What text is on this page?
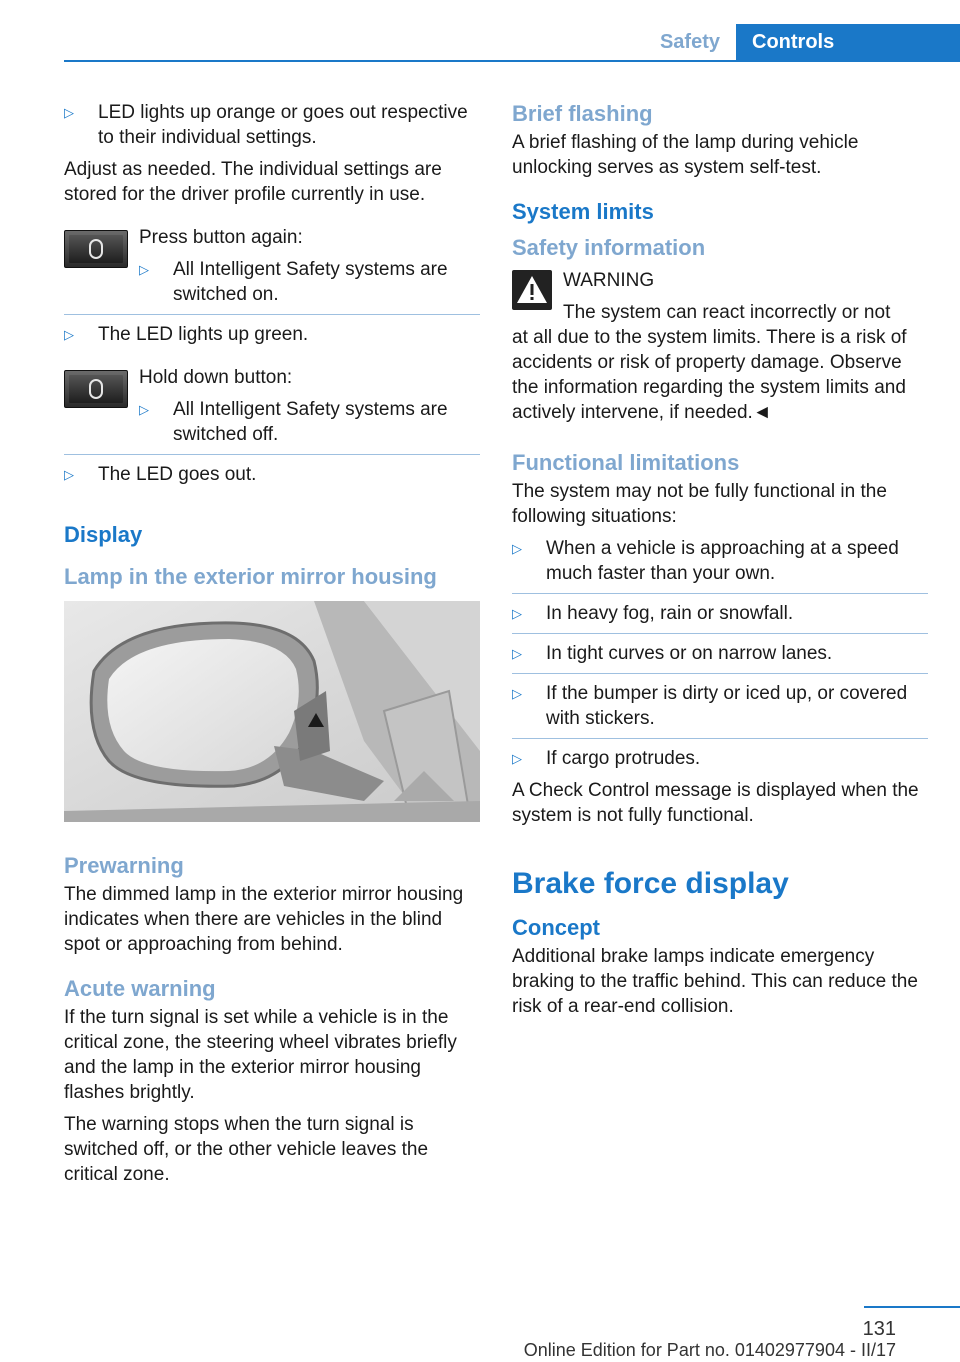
Safety	Controls
▷ LED lights up orange or goes out respective to their individual settings.

Adjust as needed. The individual settings are stored for the driver profile currently in use.

Press button again:

▷ All Intelligent Safety systems are switched on.
▷ The LED lights up green.

Hold down button:

▷ All Intelligent Safety systems are switched off.
▷ The LED goes out.
Display
Lamp in the exterior mirror housing
Prewarning

The dimmed lamp in the exterior mirror housing indicates when there are vehicles in the blind spot or approaching from behind.

Acute warning

If the turn signal is set while a vehicle is in the critical zone, the steering wheel vibrates briefly and the lamp in the exterior mirror housing flashes brightly.

The warning stops when the turn signal is switched off, or the other vehicle leaves the critical zone.

Brief flashing

A brief flashing of the lamp during vehicle unlocking serves as system self-test.

System limits
Safety information
WARNING
The system can react incorrectly or not

at all due to the system limits. There is a risk of accidents or risk of property damage. Observe the information regarding the system limits and actively intervene, if needed.◄

Functional limitations

The system may not be fully functional in the following situations:

▷ When a vehicle is approaching at a speed much faster than your own.
▷ In heavy fog, rain or snowfall.
▷ In tight curves or on narrow lanes.
▷ If the bumper is dirty or iced up, or covered with stickers.
▷ If cargo protrudes.

A Check Control message is displayed when the system is not fully functional.

Brake force display
Concept

Additional brake lamps indicate emergency braking to the traffic behind. This can reduce the risk of a rear-end collision.

131
Online Edition for Part no. 01402977904 - II/17
